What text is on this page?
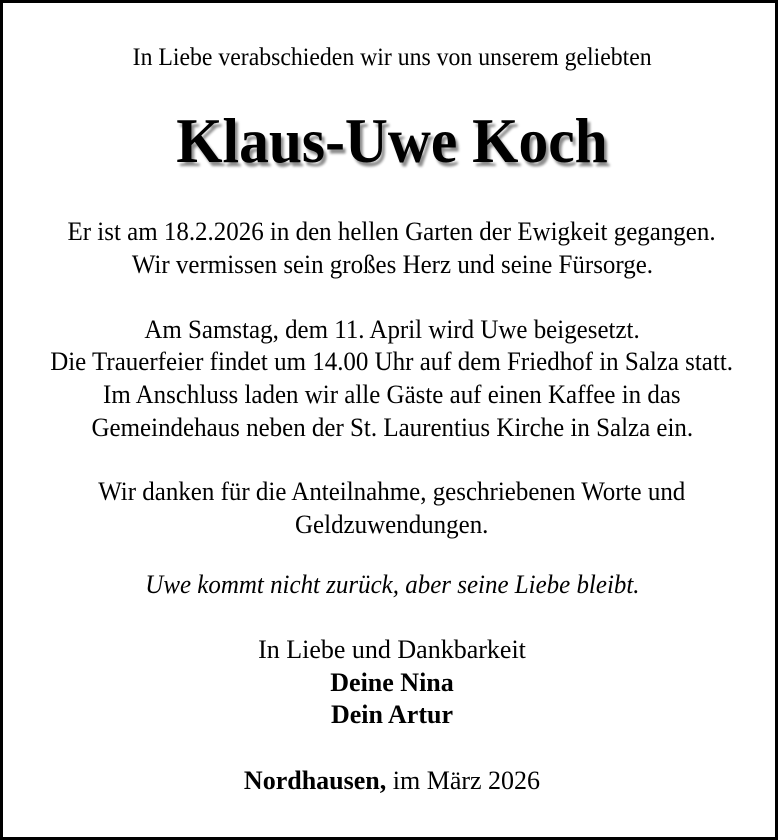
In Liebe verabschieden wir uns von unserem geliebten
Klaus-Uwe Koch
Er ist am 18.2.2026 in den hellen Garten der Ewigkeit gegangen.
Wir vermissen sein großes Herz und seine Fürsorge.
Am Samstag, dem 11. April wird Uwe beigesetzt.
Die Trauerfeier findet um 14.00 Uhr auf dem Friedhof in Salza statt.
Im Anschluss laden wir alle Gäste auf einen Kaffee in das
Gemeindehaus neben der St. Laurentius Kirche in Salza ein.
Wir danken für die Anteilnahme, geschriebenen Worte und
Geldzuwendungen.
Uwe kommt nicht zurück, aber seine Liebe bleibt.
In Liebe und Dankbarkeit
Deine Nina
Dein Artur
Nordhausen, im März 2026
